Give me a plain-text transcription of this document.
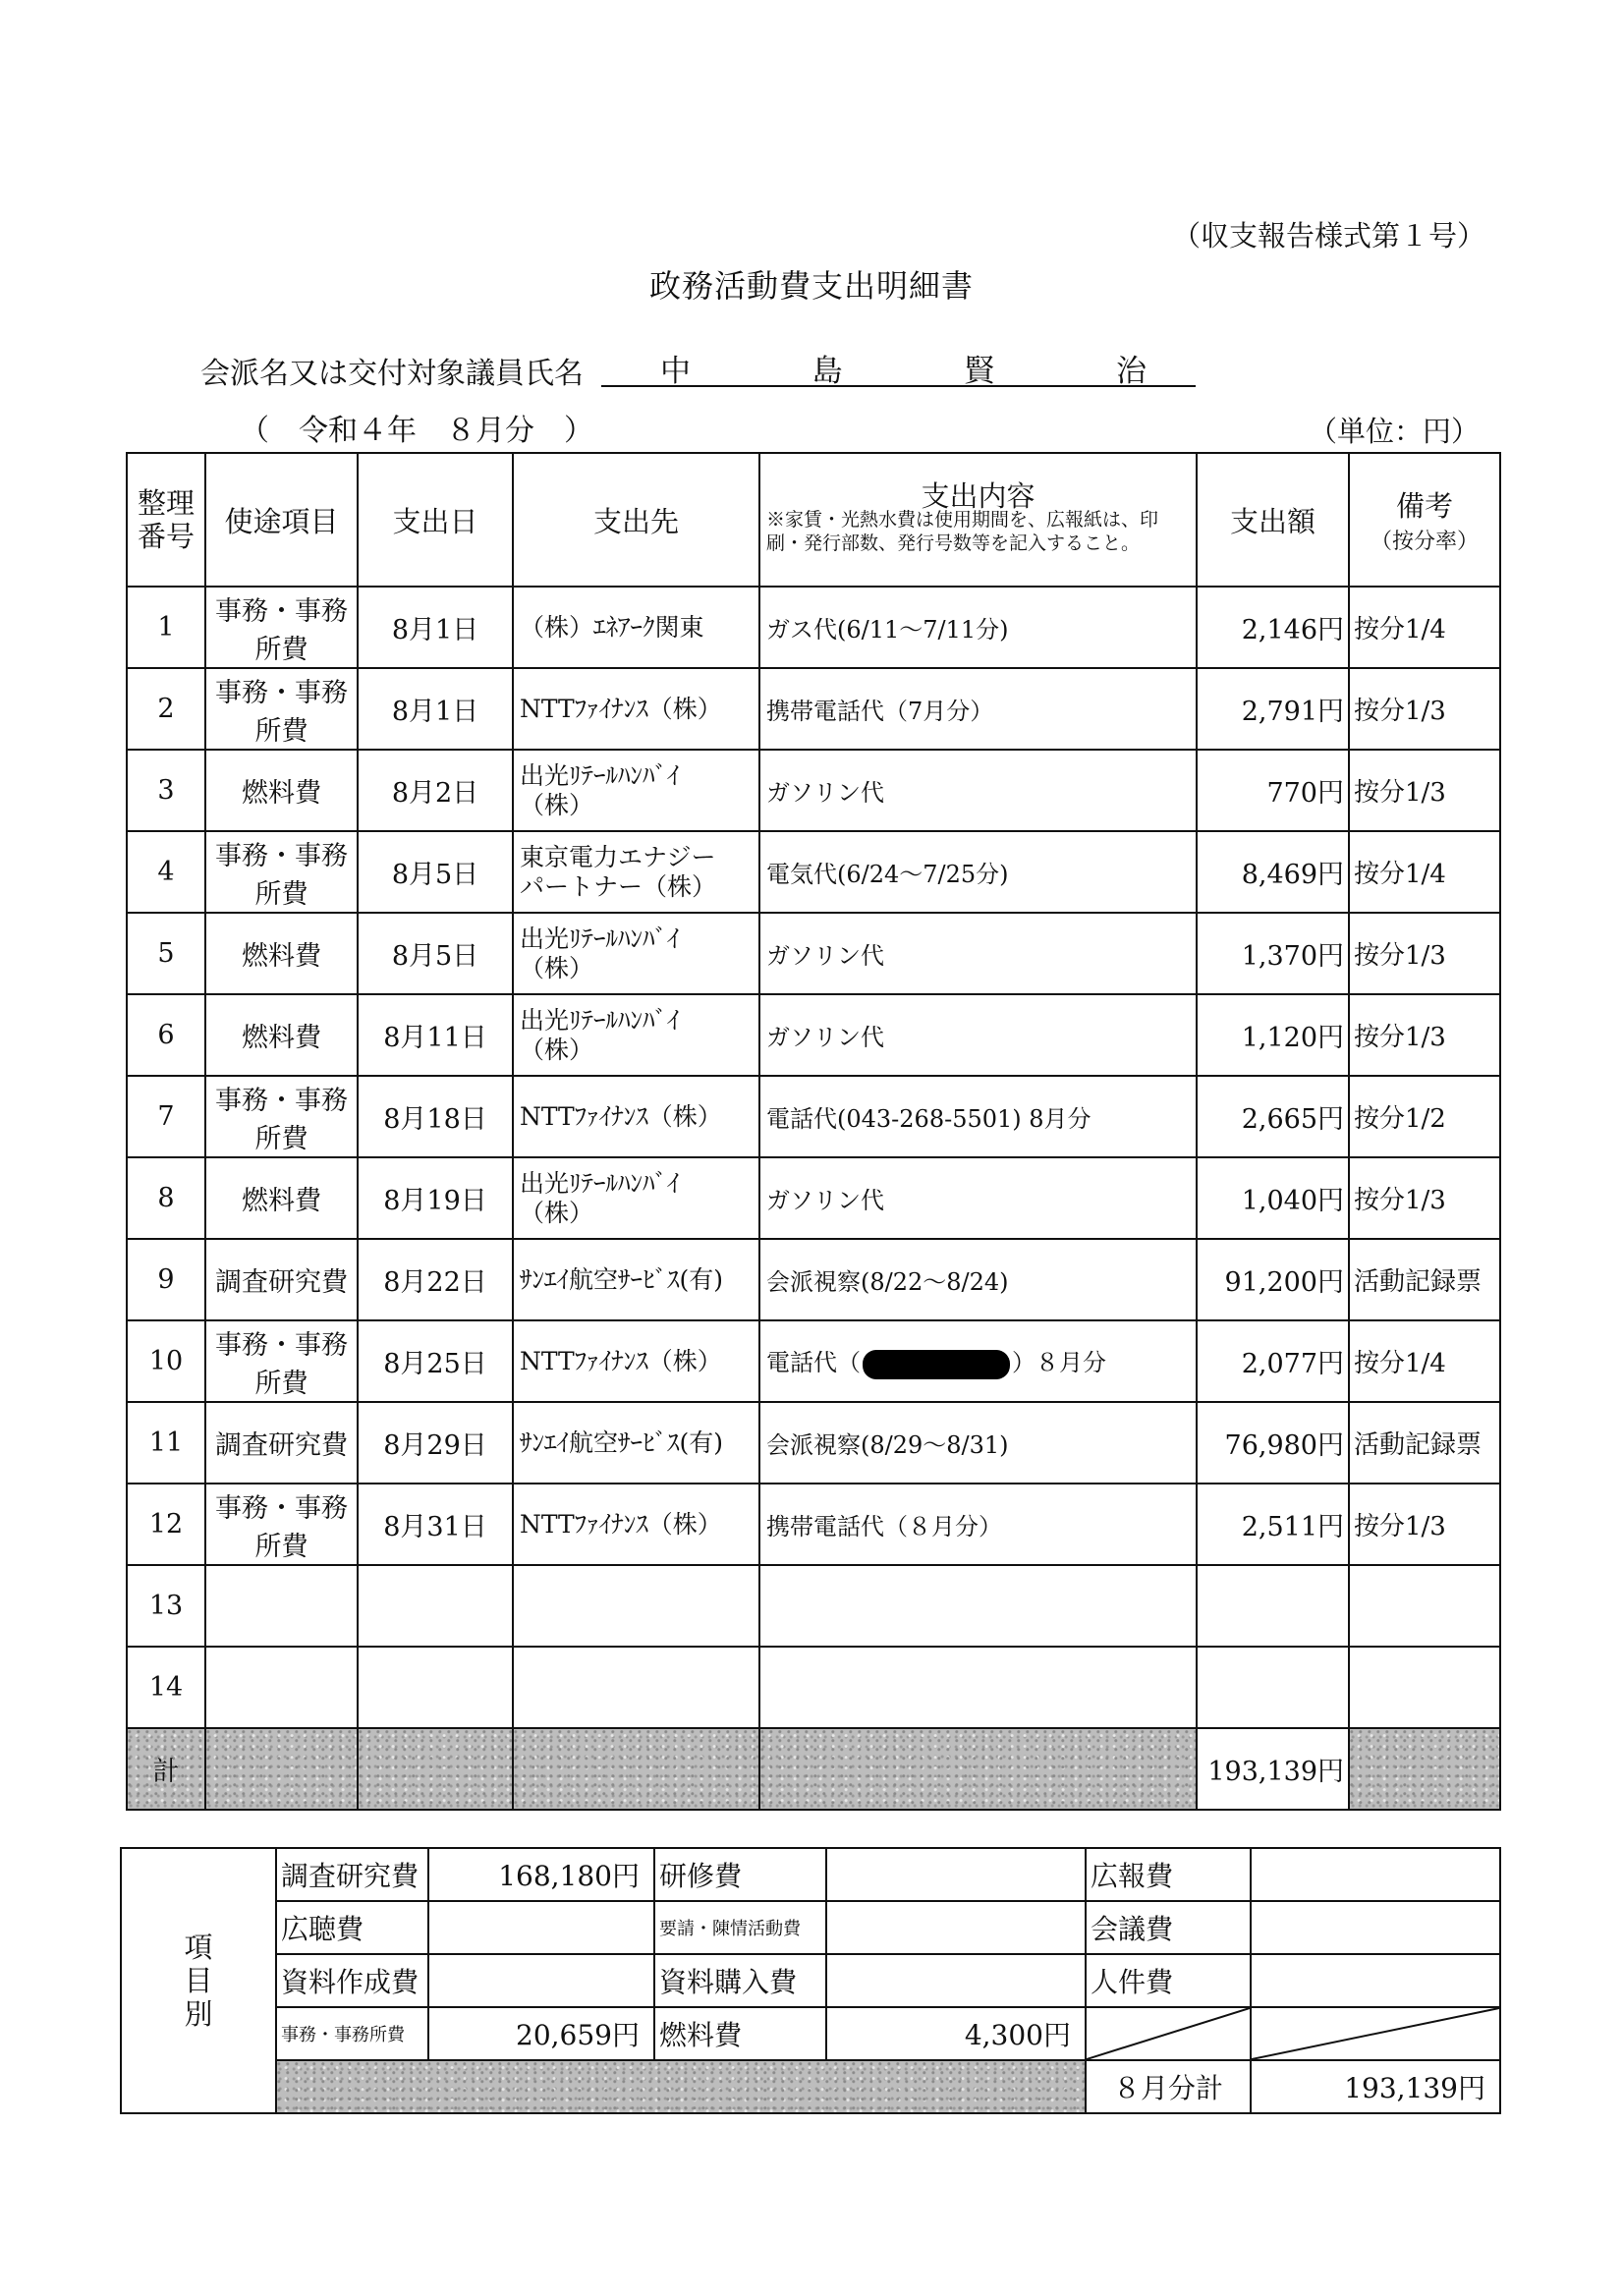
（収支報告様式第１号）
政務活動費支出明細書
会派名又は交付対象議員氏名	中	島	賢	治
（　令和４年　８月分　）	（単位：円）
整理
番号	使途項目	支出日	支出先	支出内容
※家賃・光熱水費は使用期間を、広報紙は、印刷・発行部数、発行号数等を記入すること。	支出額	備考
（按分率）

1	事務・事務所費	8月1日	（株）ｴﾈｱｰｸ関東	ガス代(6/11〜7/11分)	2,146円	按分1/4
2	事務・事務所費	8月1日	NTTﾌｧｲﾅﾝｽ（株）	携帯電話代（7月分）	2,791円	按分1/3
3	燃料費	8月2日	出光ﾘﾃｰﾙﾊﾝﾊﾞｲ
（株）	ガソリン代	770円	按分1/3
4	事務・事務所費	8月5日	東京電力エナジー
パートナー（株）	電気代(6/24〜7/25分)	8,469円	按分1/4
5	燃料費	8月5日	出光ﾘﾃｰﾙﾊﾝﾊﾞｲ
（株）	ガソリン代	1,370円	按分1/3
6	燃料費	8月11日	出光ﾘﾃｰﾙﾊﾝﾊﾞｲ
（株）	ガソリン代	1,120円	按分1/3
7	事務・事務所費	8月18日	NTTﾌｧｲﾅﾝｽ（株）	電話代(043-268-5501) 8月分	2,665円	按分1/2
8	燃料費	8月19日	出光ﾘﾃｰﾙﾊﾝﾊﾞｲ
（株）	ガソリン代	1,040円	按分1/3
9	調査研究費	8月22日	ｻﾝｴｲ航空ｻｰﾋﾞｽ(有)	会派視察(8/22〜8/24)	91,200円	活動記録票
10	事務・事務所費	8月25日	NTTﾌｧｲﾅﾝｽ（株）	電話代（ ）８月分	2,077円	按分1/4
11	調査研究費	8月29日	ｻﾝｴｲ航空ｻｰﾋﾞｽ(有)	会派視察(8/29〜8/31)	76,980円	活動記録票
12	事務・事務所費	8月31日	NTTﾌｧｲﾅﾝｽ（株）	携帯電話代（８月分）	2,511円	按分1/3
13						
14						
計					193,139円	
項
目
別	調査研究費	168,180円	研修費		広報費	
	広聴費		要請・陳情活動費		会議費	
	資料作成費		資料購入費		人件費	
	事務・事務所費	20,659円	燃料費	4,300円	

					８月分計	193,139円
